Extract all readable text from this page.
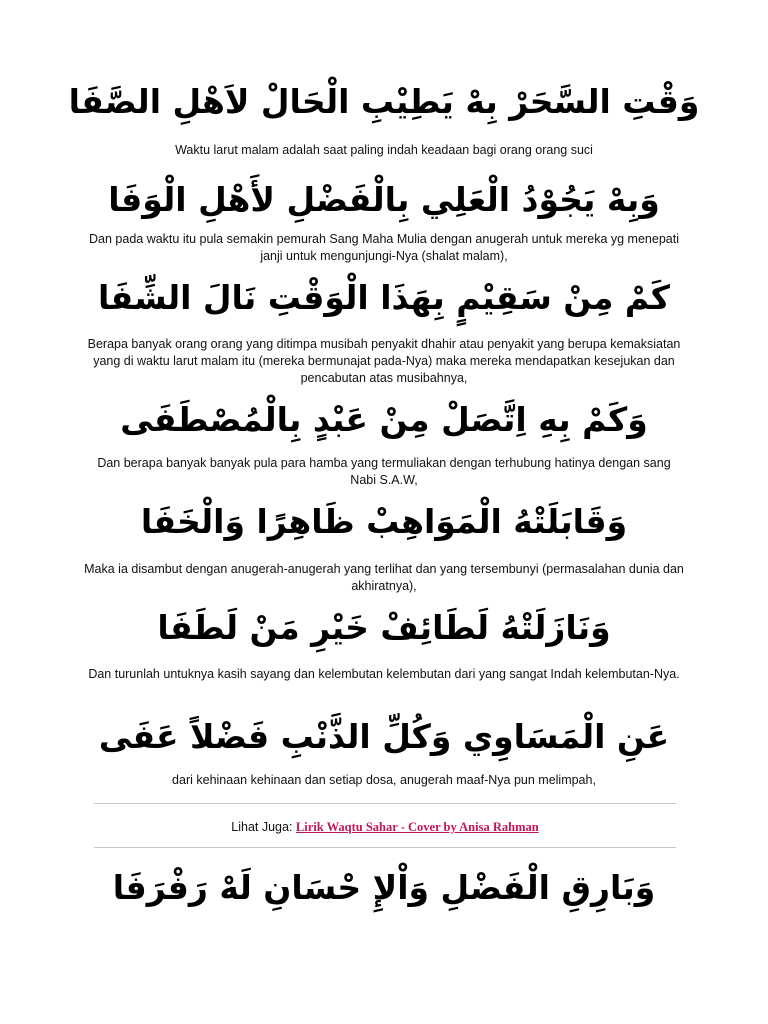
وَقْتِ السَّحَرْ بِهْ يَطِيْبِ الْحَالْ لاَهْلِ الصَّفَا
Waktu larut malam adalah saat paling indah keadaan bagi orang orang suci
وَبِهْ يَجُوْدُ الْعَلِي بِالْفَضْلِ لأَهْلِ الْوَفَا
Dan pada waktu itu pula semakin pemurah Sang Maha Mulia dengan anugerah untuk mereka yg menepati janji untuk mengunjungi-Nya (shalat malam),
كَمْ مِنْ سَقِيْمٍ بِهَذَا الْوَقْتِ نَالَ الشِّفَا
Berapa banyak orang orang yang ditimpa musibah penyakit dhahir atau penyakit yang berupa kemaksiatan yang di waktu larut malam itu (mereka bermunajat pada-Nya) maka mereka mendapatkan kesejukan dan pencabutan atas musibahnya,
وَكَمْ بِهِ اِتَّصَلْ مِنْ عَبْدٍ بِالْمُصْطَفَى
Dan berapa banyak banyak pula para hamba yang termuliakan dengan terhubung hatinya dengan sang Nabi S.A.W,
وَقَابَلَتْهُ الْمَوَاهِبْ ظَاهِرًا وَالْخَفَا
Maka ia disambut dengan anugerah-anugerah yang terlihat dan yang tersembunyi (permasalahan dunia dan akhiratnya),
وَنَازَلَتْهُ لَطَائِفْ خَيْرِ مَنْ لَطَفَا
Dan turunlah untuknya kasih sayang dan kelembutan kelembutan dari yang sangat Indah kelembutan-Nya.
عَنِ الْمَسَاوِي وَكُلِّ الذَّنْبِ فَضْلاً عَفَى
dari kehinaan kehinaan dan setiap dosa, anugerah maaf-Nya pun melimpah,
Lihat Juga: Lirik Waqtu Sahar - Cover by Anisa Rahman
وَبَارِقِ الْفَضْلِ وَاْلإِ حْسَانِ لَهْ رَفْرَفَا
